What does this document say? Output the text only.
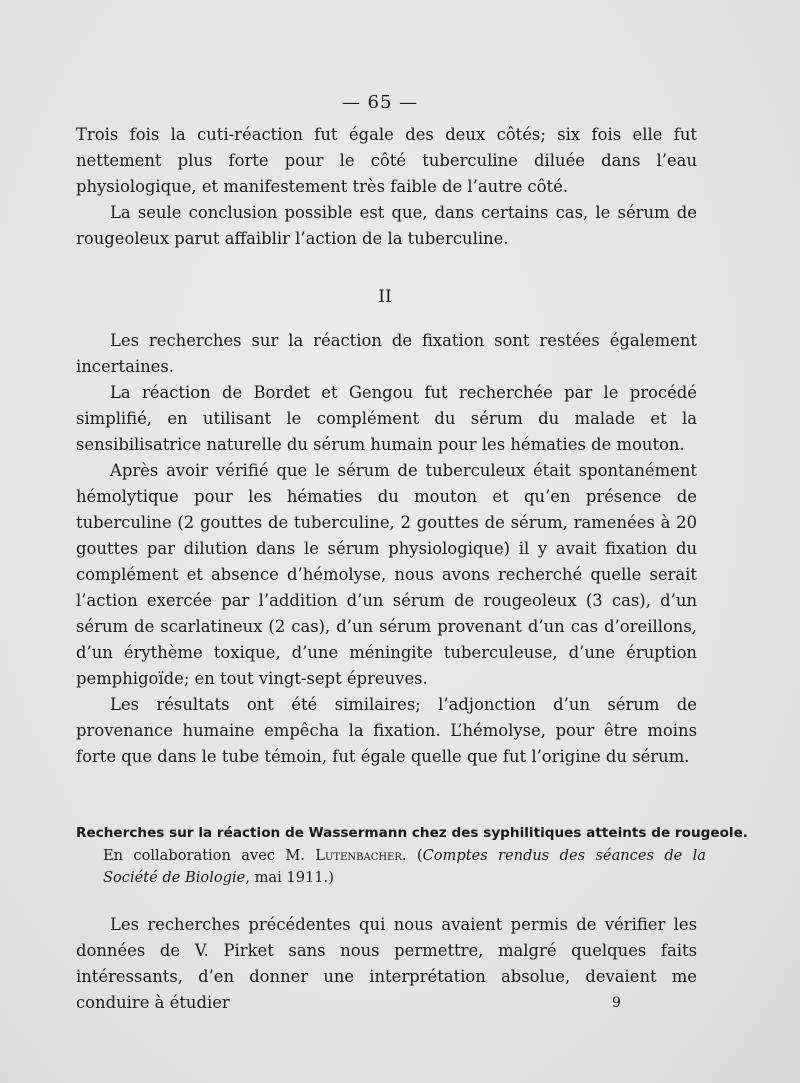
— 65 —

Trois fois la cuti-réaction fut égale des deux côtés; six fois elle fut nettement plus forte pour le côté tuberculine diluée dans l’eau physiologique, et manifestement très faible de l’autre côté.

La seule conclusion possible est que, dans certains cas, le sérum de rougeoleux parut affaiblir l’action de la tuberculine.

II

Les recherches sur la réaction de fixation sont restées également incertaines.

La réaction de Bordet et Gengou fut recherchée par le procédé simplifié, en utilisant le complément du sérum du malade et la sensibilisatrice naturelle du sérum humain pour les hématies de mouton.

Après avoir vérifié que le sérum de tuberculeux était spontanément hémolytique pour les hématies du mouton et qu’en présence de tuberculine (2 gouttes de tuberculine, 2 gouttes de sérum, ramenées à 20 gouttes par dilution dans le sérum physiologique) il y avait fixation du complément et absence d’hémolyse, nous avons recherché quelle serait l’action exercée par l’addition d’un sérum de rougeoleux (3 cas), d’un sérum de scarlatineux (2 cas), d’un sérum provenant d’un cas d’oreillons, d’un érythème toxique, d’une méningite tuberculeuse, d’une éruption pemphigoïde; en tout vingt-sept épreuves.

Les résultats ont été similaires; l’adjonction d’un sérum de provenance humaine empêcha la fixation. L’hémolyse, pour être moins forte que dans le tube témoin, fut égale quelle que fut l’origine du sérum.

Recherches sur la réaction de Wassermann chez des syphilitiques atteints de rougeole.
En collaboration avec M. Lutenbacher. (Comptes rendus des séances de la Société de Biologie, mai 1911.)

Les recherches précédentes qui nous avaient permis de vérifier les données de V. Pirket sans nous permettre, malgré quelques faits intéressants, d’en donner une interprétation absolue, devaient me conduire à étudier	9
